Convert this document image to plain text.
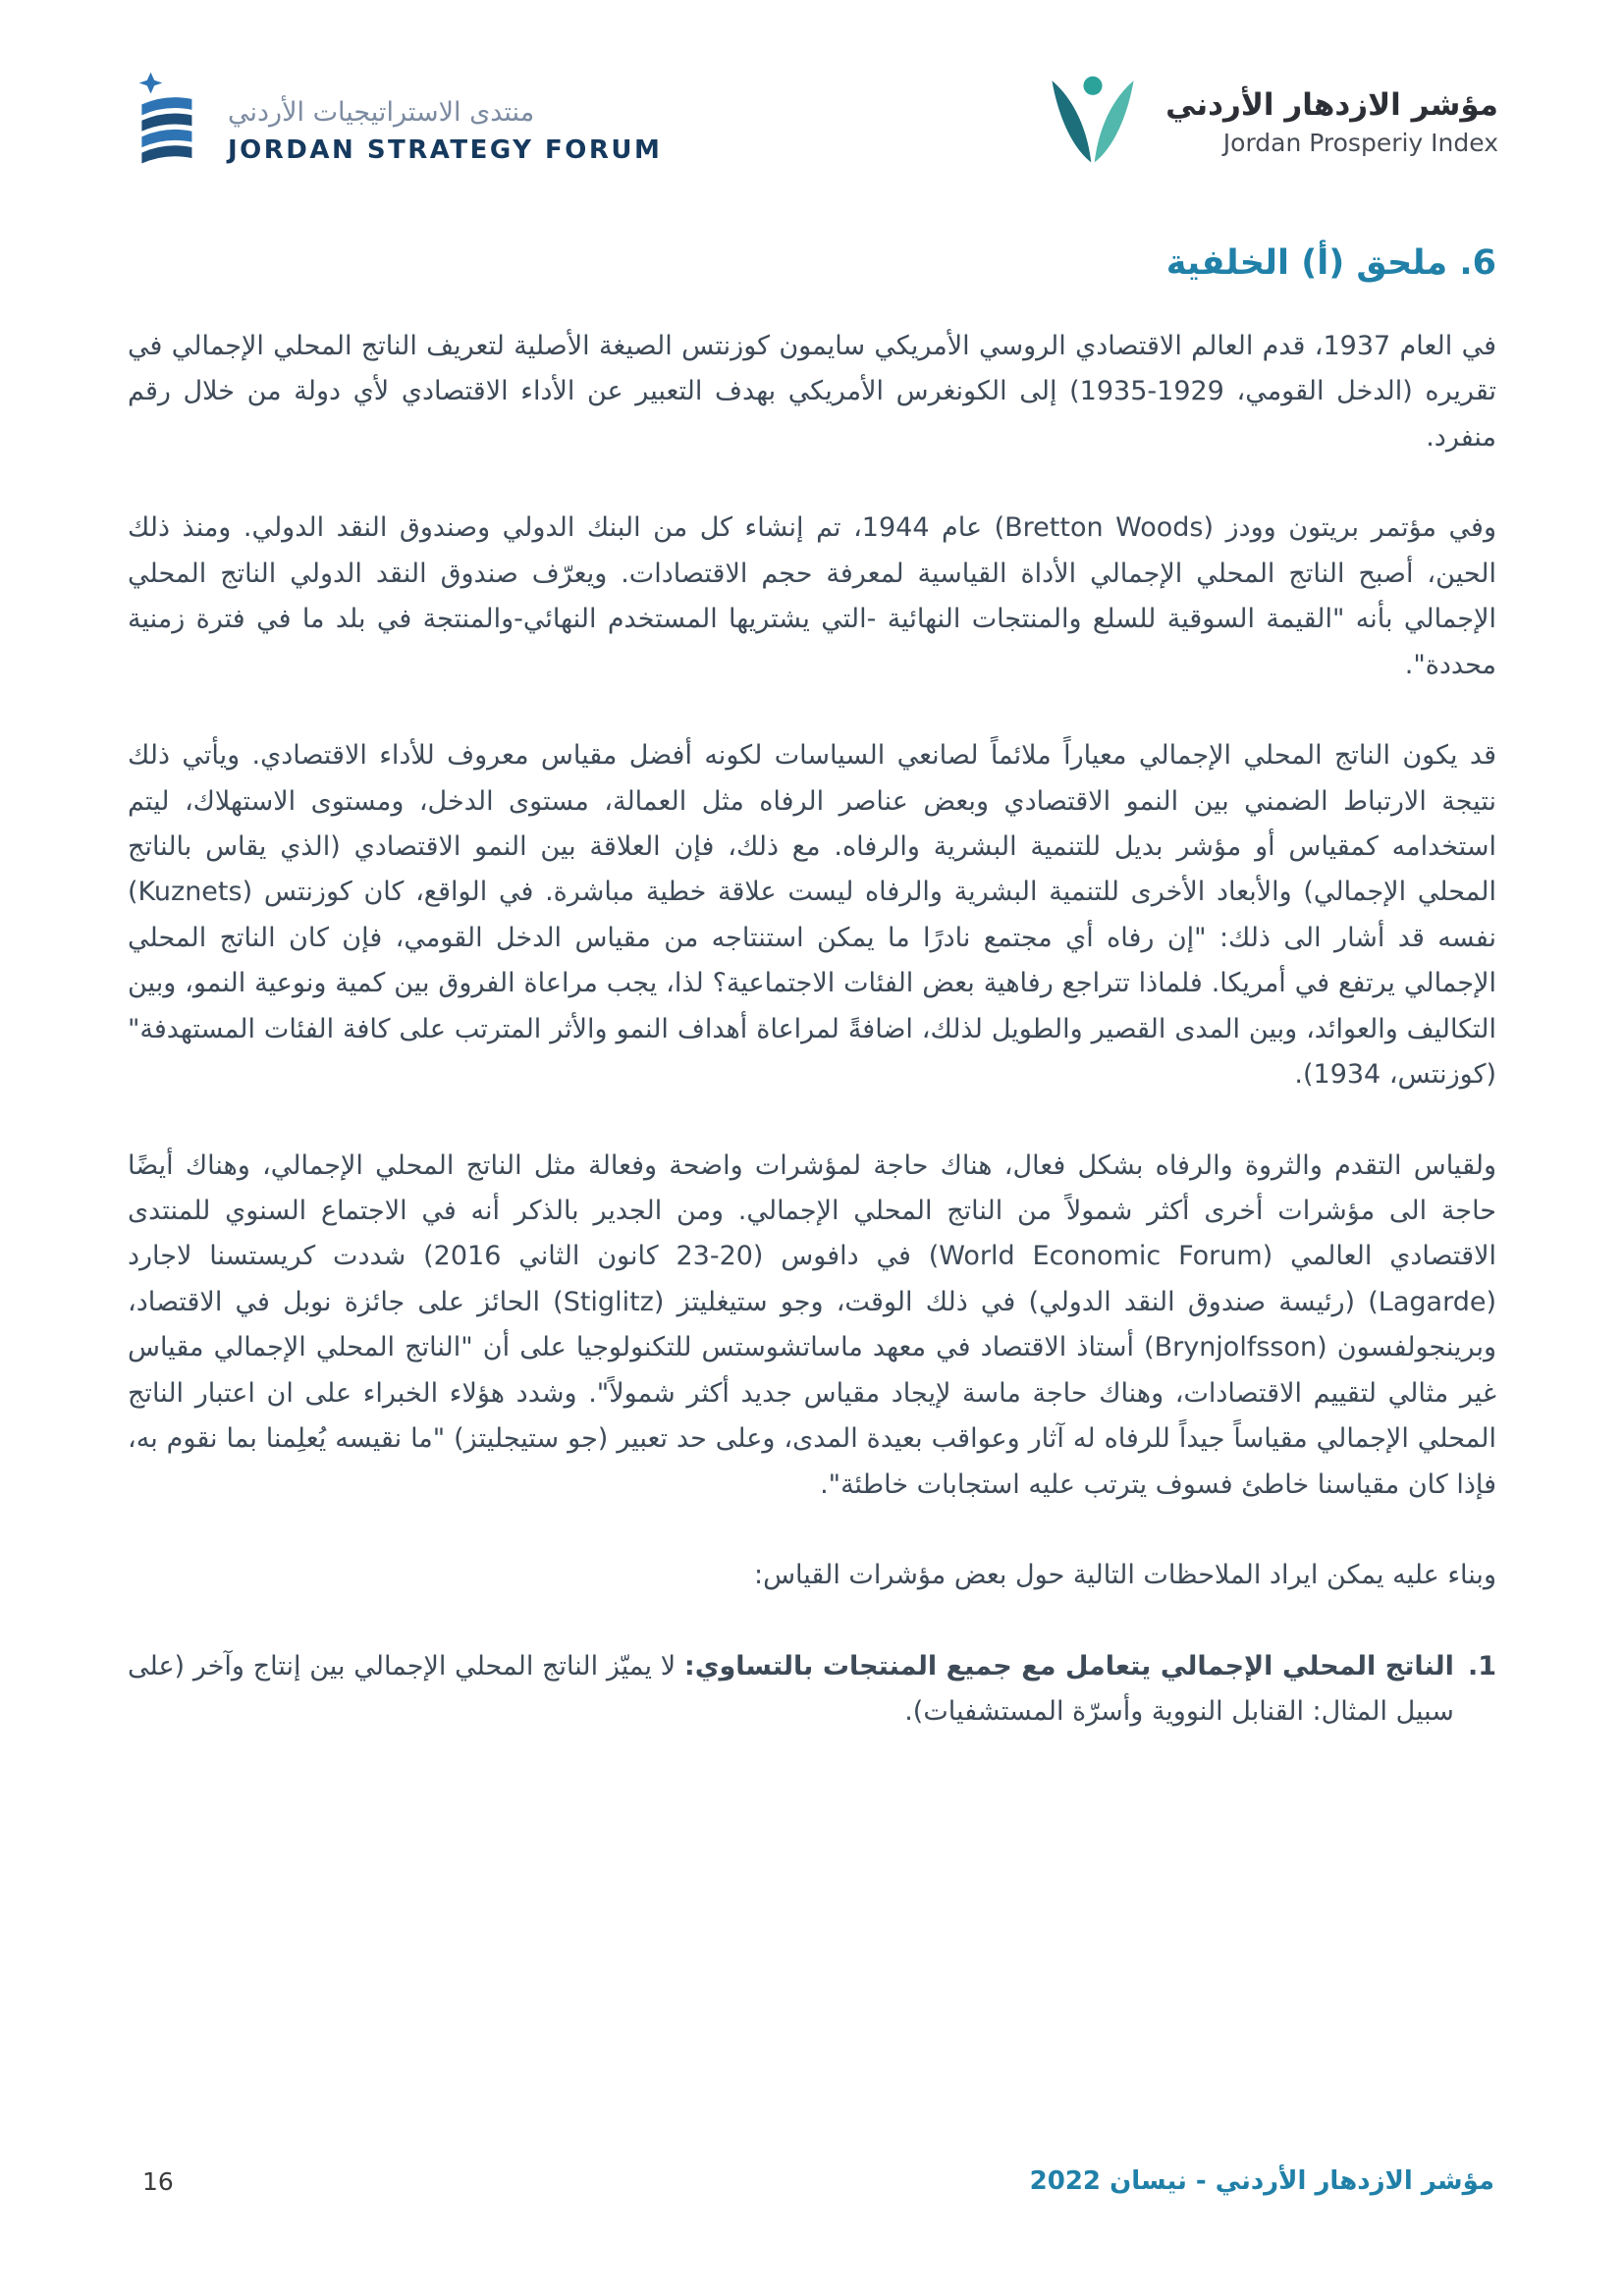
منتدى الاستراتيجيات الأردني
JORDAN STRATEGY FORUM
مؤشر الازدهار الأردني
Jordan Prosperiy Index
6. ملحق (أ) الخلفية

في العام 1937، قدم العالم الاقتصادي الروسي الأمريكي سايمون كوزنتس الصيغة الأصلية لتعريف الناتج المحلي الإجمالي في تقريره (الدخل القومي، 1929-1935) إلى الكونغرس الأمريكي بهدف التعبير عن الأداء الاقتصادي لأي دولة من خلال رقم منفرد.

وفي مؤتمر بريتون وودز (Bretton Woods) عام 1944، تم إنشاء كل من البنك الدولي وصندوق النقد الدولي. ومنذ ذلك الحين، أصبح الناتج المحلي الإجمالي الأداة القياسية لمعرفة حجم الاقتصادات. ويعرّف صندوق النقد الدولي الناتج المحلي الإجمالي بأنه "القيمة السوقية للسلع والمنتجات النهائية -التي يشتريها المستخدم النهائي-والمنتجة في بلد ما في فترة زمنية محددة".

قد يكون الناتج المحلي الإجمالي معياراً ملائماً لصانعي السياسات لكونه أفضل مقياس معروف للأداء الاقتصادي. ويأتي ذلك نتيجة الارتباط الضمني بين النمو الاقتصادي وبعض عناصر الرفاه مثل العمالة، مستوى الدخل، ومستوى الاستهلاك، ليتم استخدامه كمقياس أو مؤشر بديل للتنمية البشرية والرفاه. مع ذلك، فإن العلاقة بين النمو الاقتصادي (الذي يقاس بالناتج المحلي الإجمالي) والأبعاد الأخرى للتنمية البشرية والرفاه ليست علاقة خطية مباشرة. في الواقع، كان كوزنتس (Kuznets) نفسه قد أشار الى ذلك: "إن رفاه أي مجتمع نادرًا ما يمكن استنتاجه من مقياس الدخل القومي، فإن كان الناتج المحلي الإجمالي يرتفع في أمريكا. فلماذا تتراجع رفاهية بعض الفئات الاجتماعية؟ لذا، يجب مراعاة الفروق بين كمية ونوعية النمو، وبين التكاليف والعوائد، وبين المدى القصير والطويل لذلك، اضافةً لمراعاة أهداف النمو والأثر المترتب على كافة الفئات المستهدفة" (كوزنتس، 1934).

ولقياس التقدم والثروة والرفاه بشكل فعال، هناك حاجة لمؤشرات واضحة وفعالة مثل الناتج المحلي الإجمالي، وهناك أيضًا حاجة الى مؤشرات أخرى أكثر شمولاً من الناتج المحلي الإجمالي. ومن الجدير بالذكر أنه في الاجتماع السنوي للمنتدى الاقتصادي العالمي (World Economic Forum) في دافوس (20-23 كانون الثاني 2016) شددت كريستسنا لاجارد (Lagarde) (رئيسة صندوق النقد الدولي) في ذلك الوقت، وجو ستيغليتز (Stiglitz) الحائز على جائزة نوبل في الاقتصاد، وبرينجولفسون (Brynjolfsson) أستاذ الاقتصاد في معهد ماساتشوستس للتكنولوجيا على أن "الناتج المحلي الإجمالي مقياس غير مثالي لتقييم الاقتصادات، وهناك حاجة ماسة لإيجاد مقياس جديد أكثر شمولاً". وشدد هؤلاء الخبراء على ان اعتبار الناتج المحلي الإجمالي مقياساً جيداً للرفاه له آثار وعواقب بعيدة المدى، وعلى حد تعبير (جو ستيجليتز) "ما نقيسه يُعلِمنا بما نقوم به، فإذا كان مقياسنا خاطئ فسوف يترتب عليه استجابات خاطئة".

وبناء عليه يمكن ايراد الملاحظات التالية حول بعض مؤشرات القياس:

1.
الناتج المحلي الإجمالي يتعامل مع جميع المنتجات بالتساوي: لا يميّز الناتج المحلي الإجمالي بين إنتاج وآخر (على سبيل المثال: القنابل النووية وأسرّة المستشفيات).
16	مؤشر الازدهار الأردني - نيسان 2022
